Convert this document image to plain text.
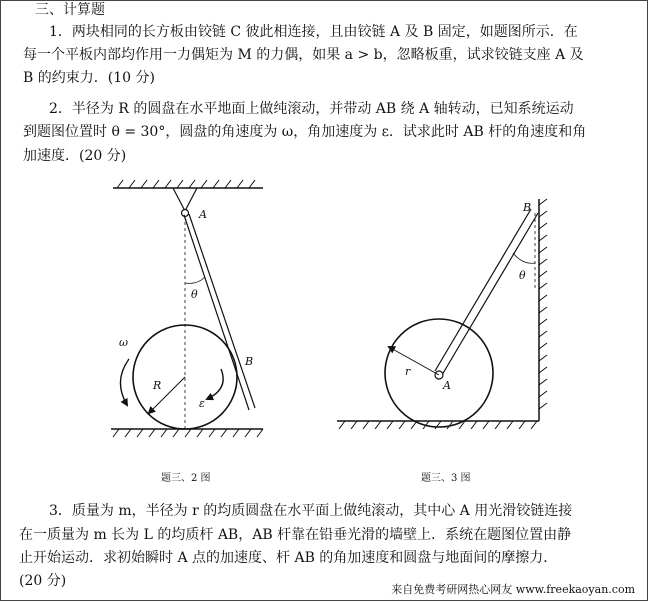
三、计算题
1．两块相同的长方板由铰链 C 彼此相连接，且由铰链 A 及 B 固定，如题图所示．在
每一个平板内部均作用一力偶矩为 M 的力偶，如果 a > b，忽略板重，试求铰链支座 A 及
B 的约束力．(10 分)
2．半径为 R 的圆盘在水平地面上做纯滚动，并带动 AB 绕 A 轴转动，已知系统运动
到题图位置时 θ = 30°，圆盘的角速度为 ω，角加速度为 ε．试求此时 AB 杆的角速度和角
加速度．(20 分)
A
B
R
θ
ω
ε
B
A
r
θ
题三、2 图	题三、3 图
3．质量为 m，半径为 r 的均质圆盘在水平面上做纯滚动，其中心 A 用光滑铰链连接
在一质量为 m 长为 L 的均质杆 AB，AB 杆靠在铅垂光滑的墙壁上．系统在题图位置由静
止开始运动．求初始瞬时 A 点的加速度、杆 AB 的角加速度和圆盘与地面间的摩擦力．
(20 分)
来自免费考研网热心网友 www.freekaoyan.com
